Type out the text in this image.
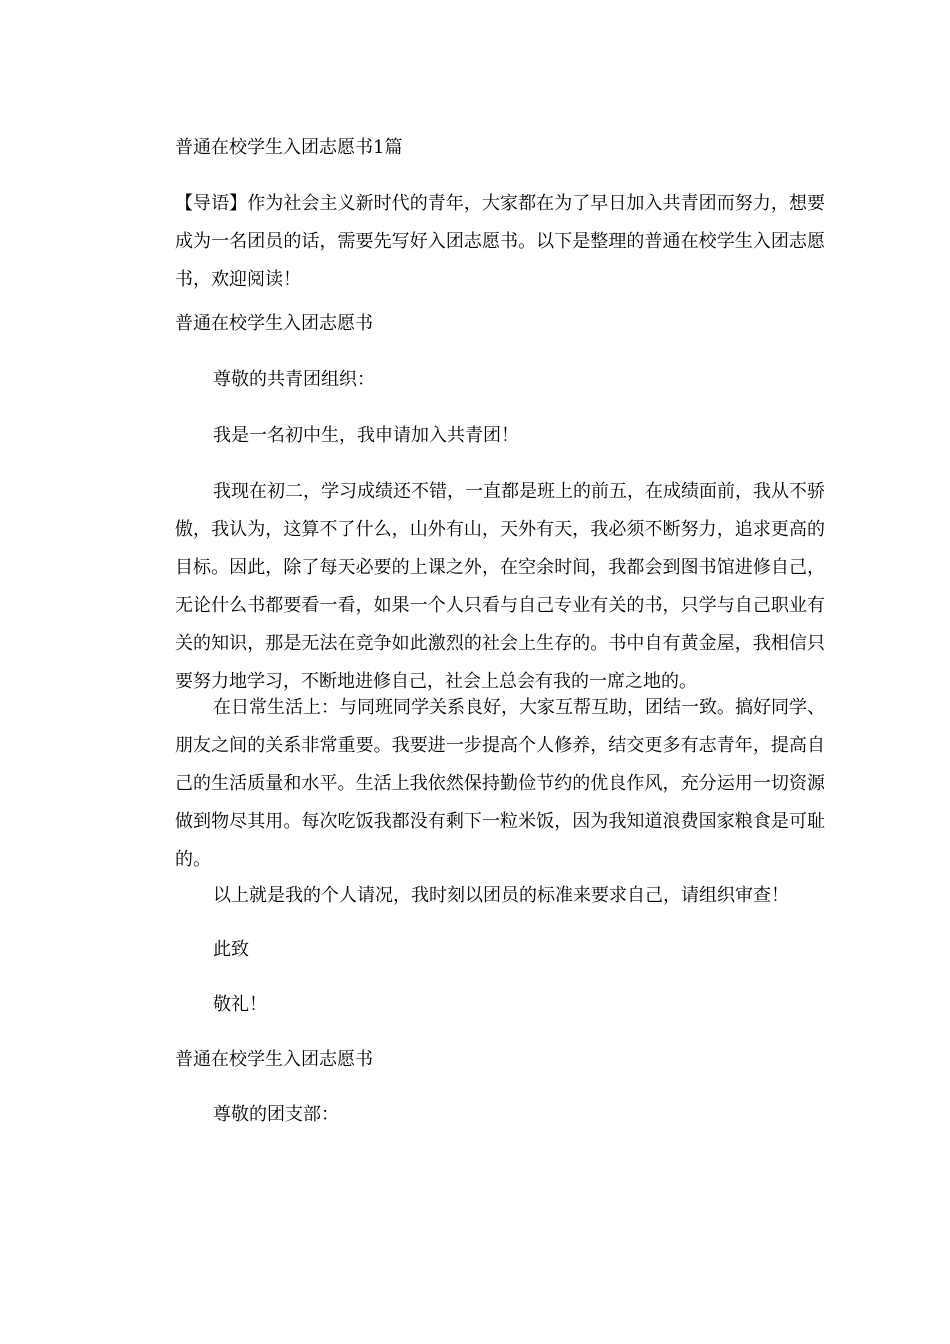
普通在校学生入团志愿书1篇
【导语】作为社会主义新时代的青年，大家都在为了早日加入共青团而努力，想要成为一名团员的话，需要先写好入团志愿书。以下是整理的普通在校学生入团志愿书，欢迎阅读！
普通在校学生入团志愿书
尊敬的共青团组织：
我是一名初中生，我申请加入共青团！
我现在初二，学习成绩还不错，一直都是班上的前五，在成绩面前，我从不骄傲，我认为，这算不了什么，山外有山，天外有天，我必须不断努力，追求更高的目标。因此，除了每天必要的上课之外，在空余时间，我都会到图书馆进修自己，无论什么书都要看一看，如果一个人只看与自己专业有关的书，只学与自己职业有关的知识，那是无法在竞争如此激烈的社会上生存的。书中自有黄金屋，我相信只要努力地学习，不断地进修自己，社会上总会有我的一席之地的。
在日常生活上：与同班同学关系良好，大家互帮互助，团结一致。搞好同学、朋友之间的关系非常重要。我要进一步提高个人修养，结交更多有志青年，提高自己的生活质量和水平。生活上我依然保持勤俭节约的优良作风，充分运用一切资源做到物尽其用。每次吃饭我都没有剩下一粒米饭，因为我知道浪费国家粮食是可耻的。
以上就是我的个人请况，我时刻以团员的标准来要求自己，请组织审查！
此致
敬礼！
普通在校学生入团志愿书
尊敬的团支部：
